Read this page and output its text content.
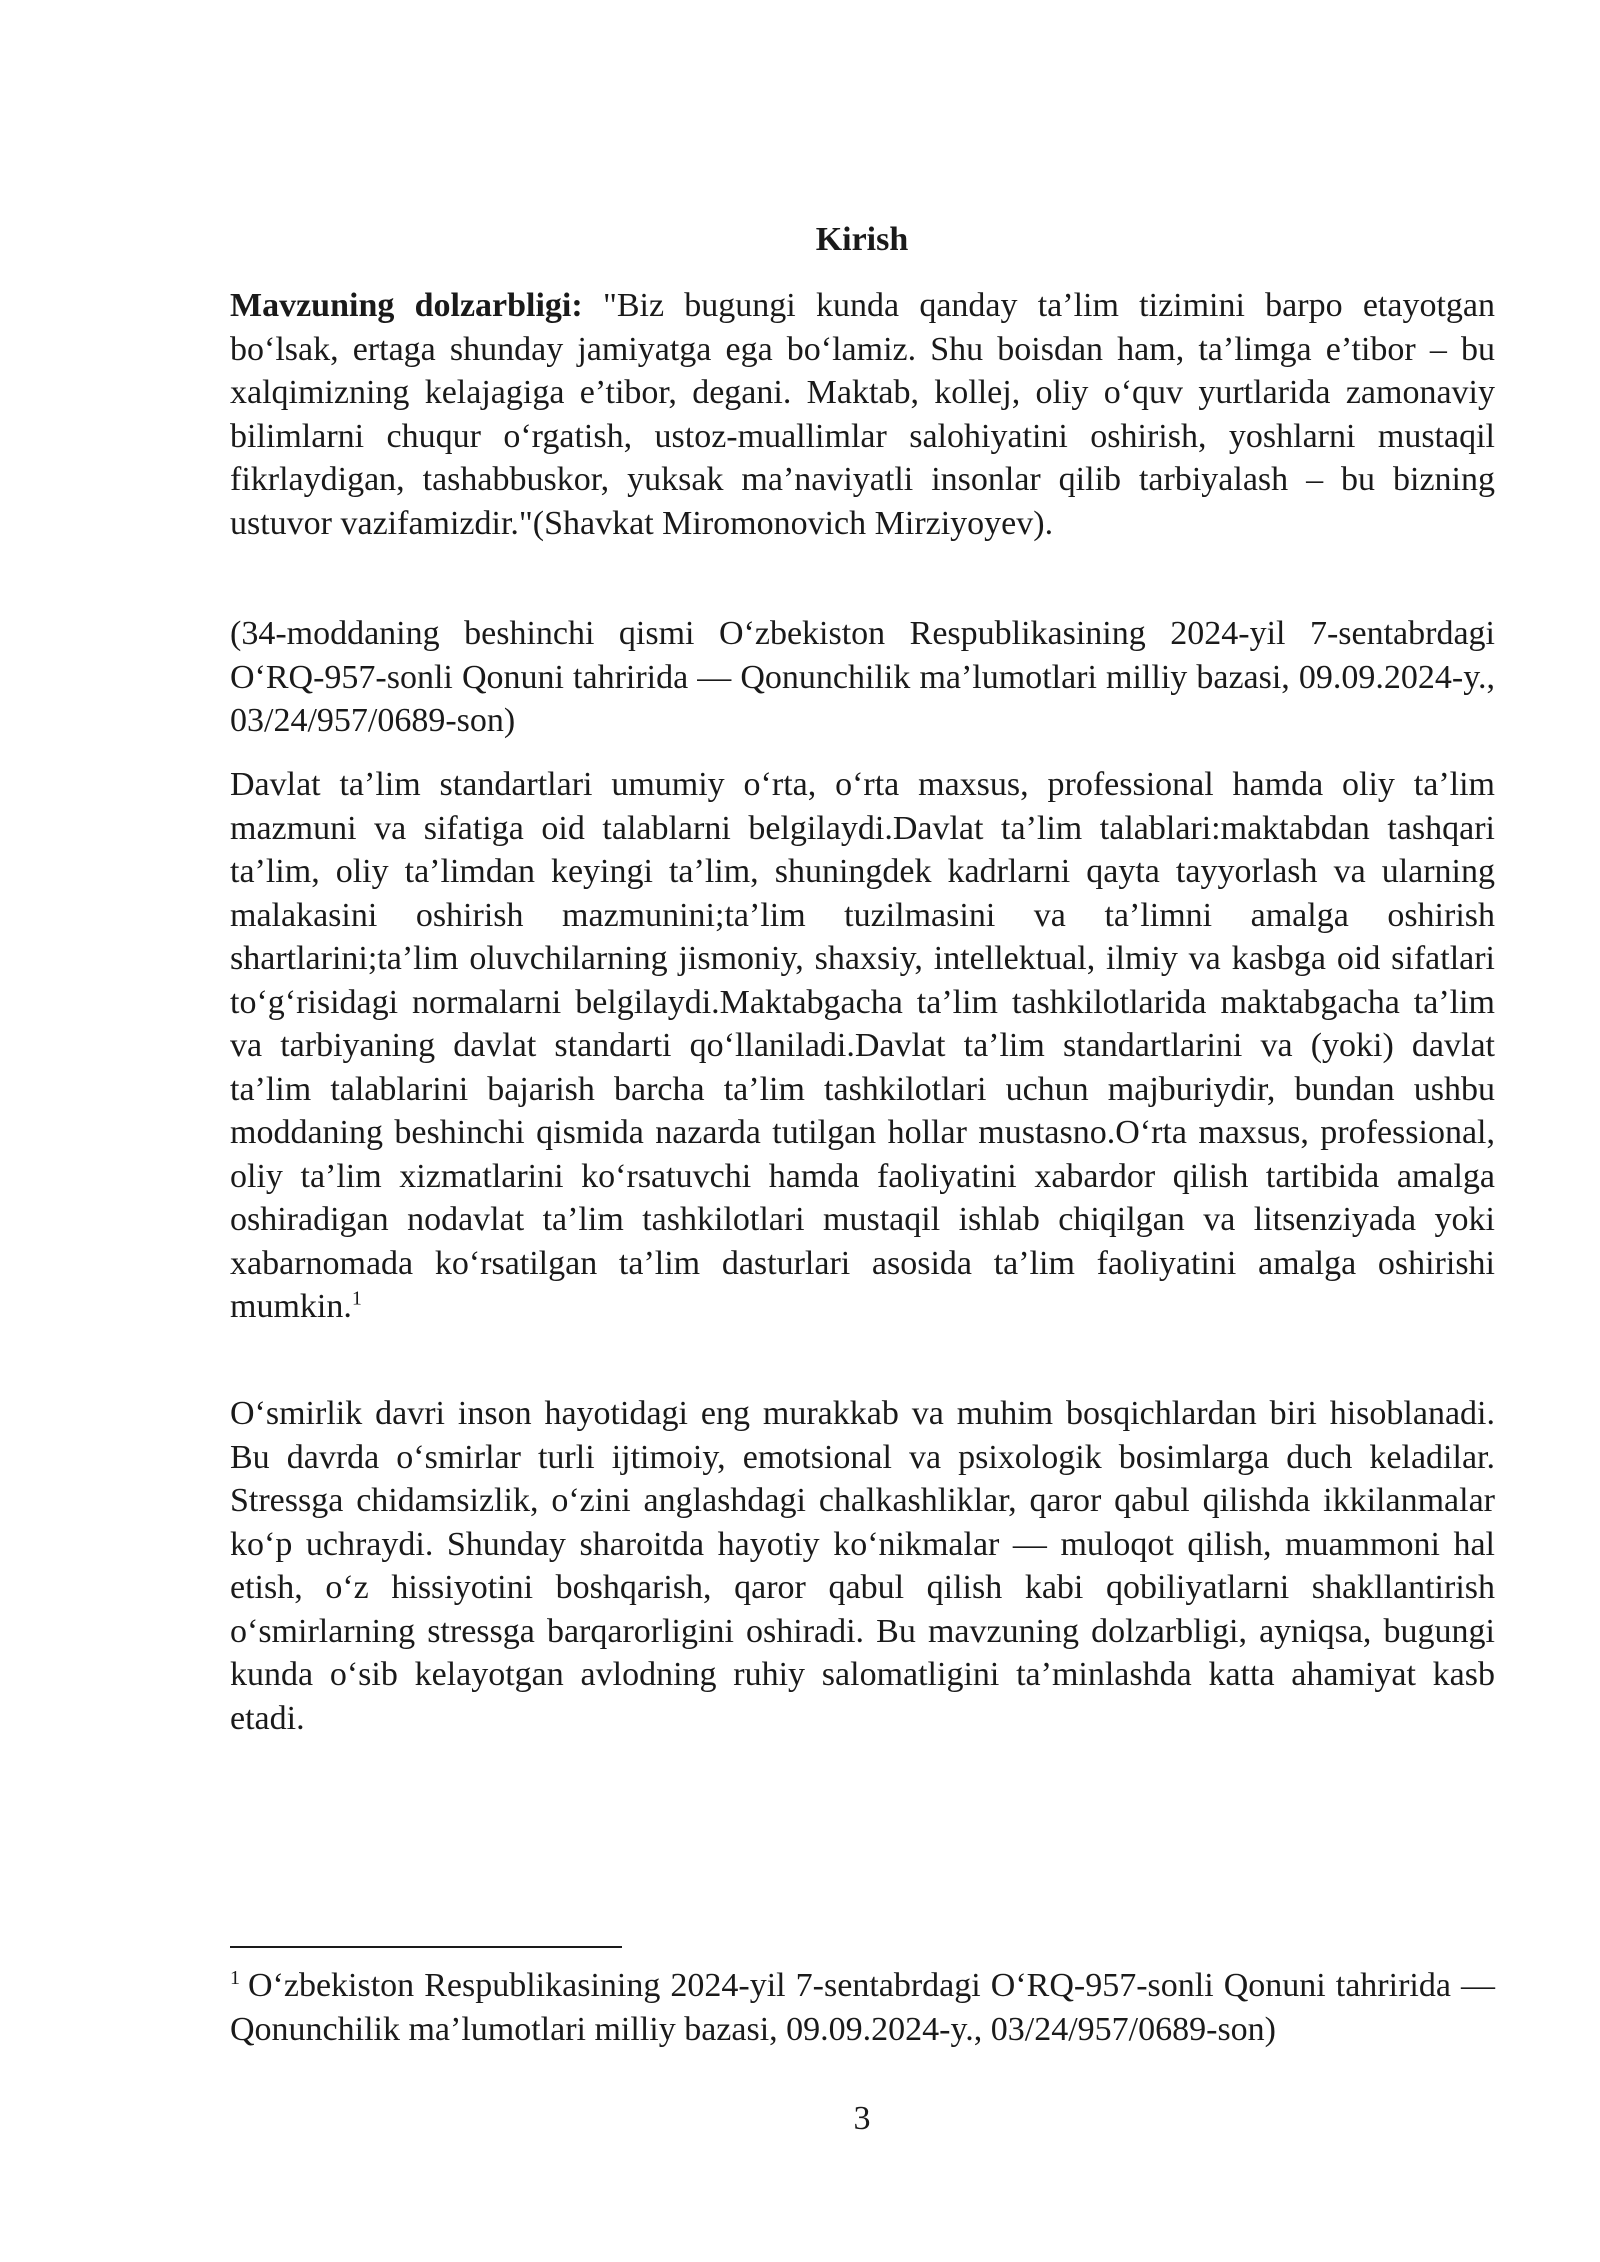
Kirish

Mavzuning dolzarbligi: "Biz bugungi kunda qanday ta’lim tizimini barpo etayotgan bo‘lsak, ertaga shunday jamiyatga ega bo‘lamiz. Shu boisdan ham, ta’limga e’tibor – bu xalqimizning kelajagiga e’tibor, degani. Maktab, kollej, oliy o‘quv yurtlarida zamonaviy bilimlarni chuqur o‘rgatish, ustoz-muallimlar salohiyatini oshirish, yoshlarni mustaqil fikrlaydigan, tashabbuskor, yuksak ma’naviyatli insonlar qilib tarbiyalash – bu bizning ustuvor vazifamizdir."(Shavkat Miromonovich Mirziyoyev).

(34-moddaning beshinchi qismi O‘zbekiston Respublikasining 2024-yil 7-sentabrdagi O‘RQ-957-sonli Qonuni tahririda — Qonunchilik ma’lumotlari milliy bazasi, 09.09.2024-y., 03/24/957/0689-son)

Davlat ta’lim standartlari umumiy o‘rta, o‘rta maxsus, professional hamda oliy ta’lim mazmuni va sifatiga oid talablarni belgilaydi.Davlat ta’lim talablari:maktabdan tashqari ta’lim, oliy ta’limdan keyingi ta’lim, shuningdek kadrlarni qayta tayyorlash va ularning malakasini oshirish mazmunini;ta’lim tuzilmasini va ta’limni amalga oshirish shartlarini;ta’lim oluvchilarning jismoniy, shaxsiy, intellektual, ilmiy va kasbga oid sifatlari to‘g‘risidagi normalarni belgilaydi.Maktabgacha ta’lim tashkilotlarida maktabgacha ta’lim va tarbiyaning davlat standarti qo‘llaniladi.Davlat ta’lim standartlarini va (yoki) davlat ta’lim talablarini bajarish barcha ta’lim tashkilotlari uchun majburiydir, bundan ushbu moddaning beshinchi qismida nazarda tutilgan hollar mustasno.O‘rta maxsus, professional, oliy ta’lim xizmatlarini ko‘rsatuvchi hamda faoliyatini xabardor qilish tartibida amalga oshiradigan nodavlat ta’lim tashkilotlari mustaqil ishlab chiqilgan va litsenziyada yoki xabarnomada ko‘rsatilgan ta’lim dasturlari asosida ta’lim faoliyatini amalga oshirishi mumkin.$^1$

O‘smirlik davri inson hayotidagi eng murakkab va muhim bosqichlardan biri hisoblanadi. Bu davrda o‘smirlar turli ijtimoiy, emotsional va psixologik bosimlarga duch keladilar. Stressga chidamsizlik, o‘zini anglashdagi chalkashliklar, qaror qabul qilishda ikkilanmalar ko‘p uchraydi. Shunday sharoitda hayotiy ko‘nikmalar — muloqot qilish, muammoni hal etish, o‘z hissiyotini boshqarish, qaror qabul qilish kabi qobiliyatlarni shakllantirish o‘smirlarning stressga barqarorligini oshiradi. Bu mavzuning dolzarbligi, ayniqsa, bugungi kunda o‘sib kelayotgan avlodning ruhiy salomatligini ta’minlashda katta ahamiyat kasb etadi.

$^1$ O‘zbekiston Respublikasining 2024-yil 7-sentabrdagi O‘RQ-957-sonli Qonuni tahririda — Qonunchilik ma’lumotlari milliy bazasi, 09.09.2024-y., 03/24/957/0689-son)

3
